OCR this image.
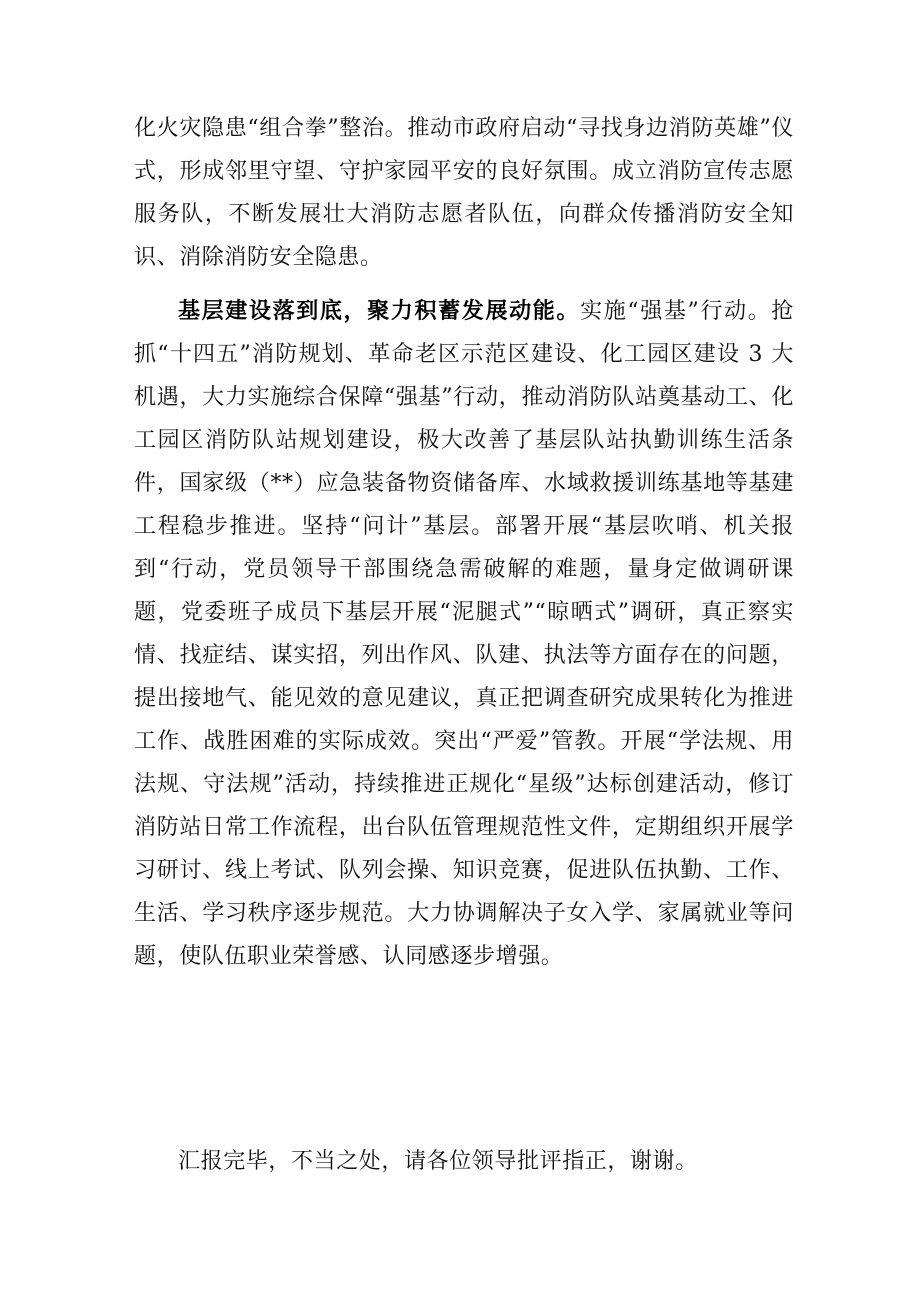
化火灾隐患“组合拳”整治。推动市政府启动“寻找身边消防英雄”仪式，形成邻里守望、守护家园平安的良好氛围。成立消防宣传志愿服务队，不断发展壮大消防志愿者队伍，向群众传播消防安全知识、消除消防安全隐患。

基层建设落到底，聚力积蓄发展动能。实施“强基”行动。抢抓“十四五”消防规划、革命老区示范区建设、化工园区建设 3 大机遇，大力实施综合保障“强基”行动，推动消防队站奠基动工、化工园区消防队站规划建设，极大改善了基层队站执勤训练生活条件，国家级（**）应急装备物资储备库、水域救援训练基地等基建工程稳步推进。坚持“问计”基层。部署开展“基层吹哨、机关报到“行动，党员领导干部围绕急需破解的难题，量身定做调研课题，党委班子成员下基层开展“泥腿式”“晾晒式”调研，真正察实情、找症结、谋实招，列出作风、队建、执法等方面存在的问题，提出接地气、能见效的意见建议，真正把调查研究成果转化为推进工作、战胜困难的实际成效。突出“严爱”管教。开展“学法规、用法规、守法规”活动，持续推进正规化“星级”达标创建活动，修订消防站日常工作流程，出台队伍管理规范性文件，定期组织开展学习研讨、线上考试、队列会操、知识竞赛，促进队伍执勤、工作、生活、学习秩序逐步规范。大力协调解决子女入学、家属就业等问题，使队伍职业荣誉感、认同感逐步增强。

汇报完毕，不当之处，请各位领导批评指正，谢谢。
